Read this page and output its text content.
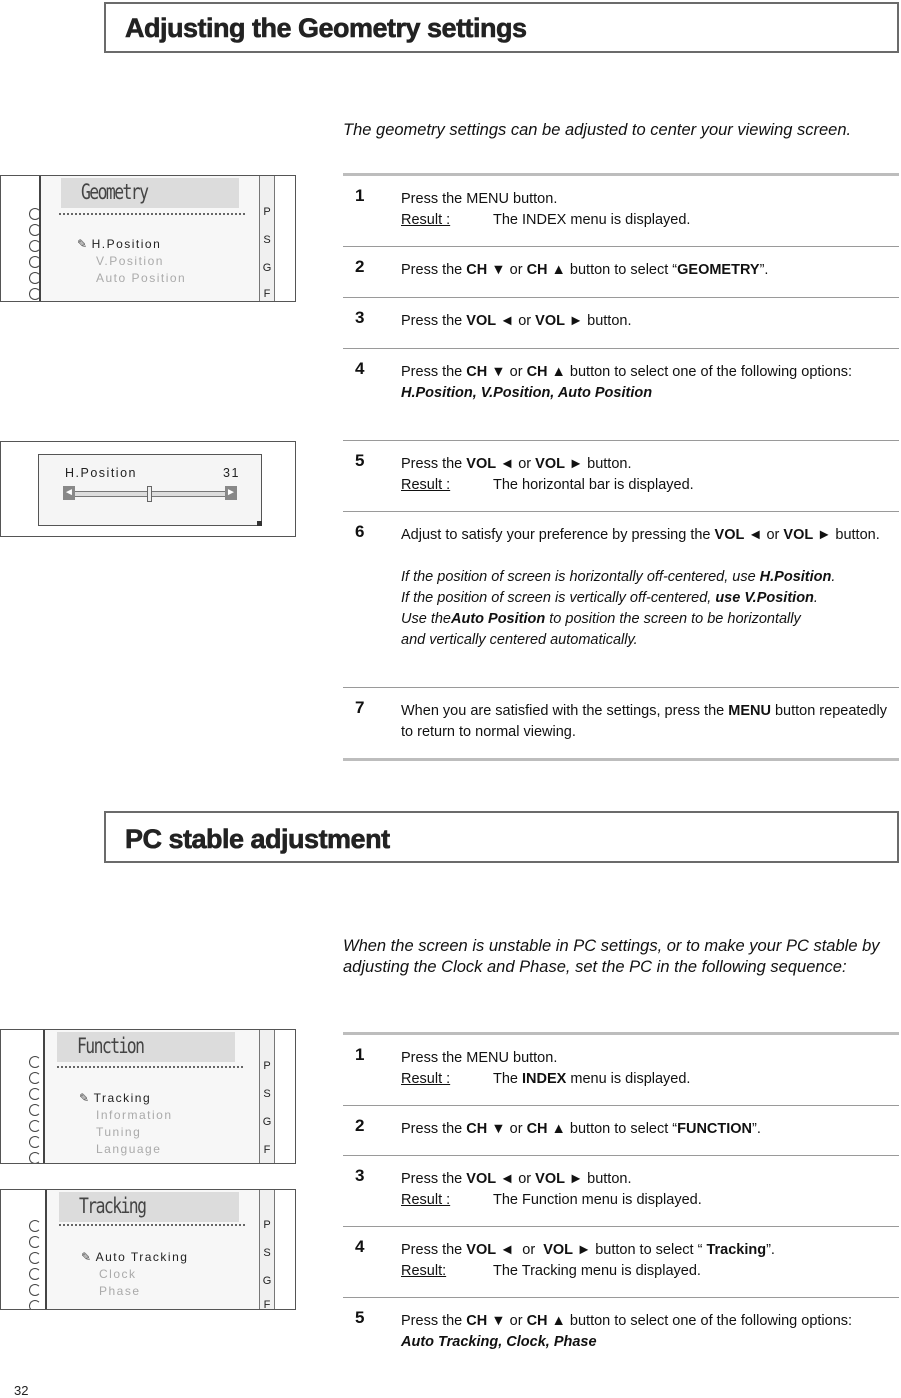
Adjusting the Geometry settings
The geometry settings can be adjusted to center your viewing screen.
Geometry
✎ H.Position
V.Position
Auto Position
P
S
G
F
H.Position	31
◄	►
1	Press the MENU button.
Result :	The INDEX menu is displayed.
2	Press the CH ▼ or CH ▲ button to select “GEOMETRY”.
3	Press the VOL ◄ or VOL ► button.
4	Press the CH ▼ or CH ▲ button to select one of the following options:
H.Position, V.Position, Auto Position
5	Press the VOL ◄ or VOL ► button.
Result :	The horizontal bar is displayed.
6	Adjust to satisfy your preference by pressing the VOL ◄ or VOL ► button.
If the position of screen is horizontally off-centered, use H.Position.
If the position of screen is vertically off-centered, use V.Position.
Use theAuto Position to position the screen to be horizontally
and vertically centered automatically.
7	When you are satisfied with the settings, press the MENU button repeatedly to return to normal viewing.
PC stable adjustment
When the screen is unstable in PC settings, or to make your PC stable by adjusting the Clock and Phase, set the PC in the following sequence:
Function
✎ Tracking
Information
Tuning
Language
P
S
G
F
Tracking
✎ Auto Tracking
Clock
Phase
P
S
G
F
1	Press the MENU button.
Result :	The INDEX menu is displayed.
2	Press the CH ▼ or CH ▲ button to select “FUNCTION”.
3	Press the VOL ◄ or VOL ► button.
Result :	The Function menu is displayed.
4	Press the VOL ◄  or  VOL ► button to select “ Tracking”.
Result:	The Tracking menu is displayed.
5	Press the CH ▼ or CH ▲ button to select one of the following options:
Auto Tracking, Clock, Phase
32
